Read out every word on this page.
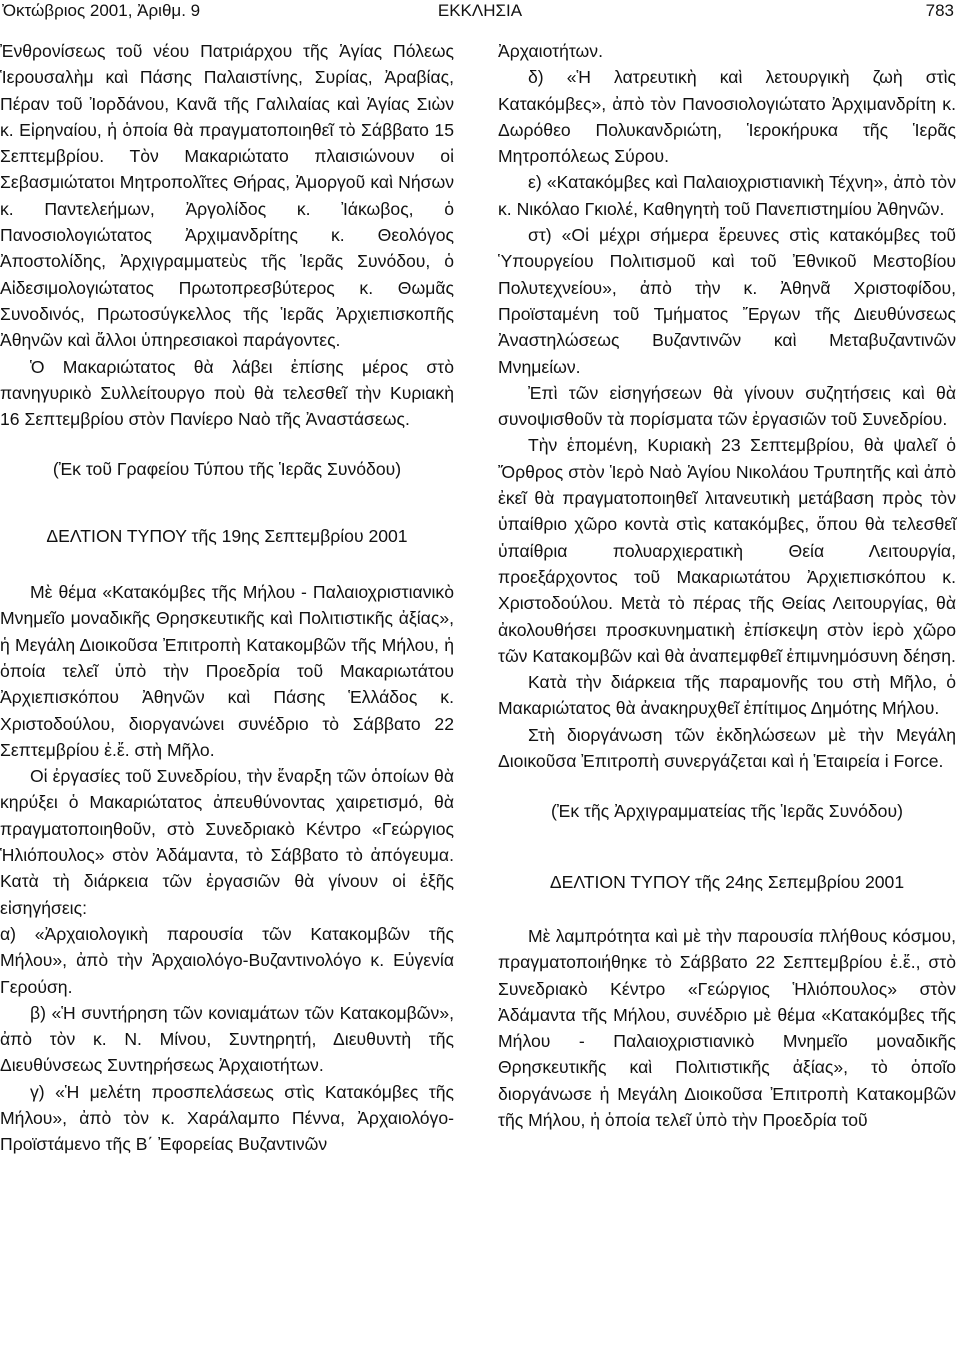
Ὀκτώβριος 2001, Ἀριθμ. 9	ΕΚΚΛΗΣΙΑ	783

Ἐνθρονίσεως τοῦ νέου Πατριάρχου τῆς Ἁγίας Πόλεως Ἱερουσαλὴμ καὶ Πάσης Παλαιστίνης, Συρίας, Ἀραβίας, Πέραν τοῦ Ἰορδάνου, Κανᾶ τῆς Γαλιλαίας καὶ Ἁγίας Σιὼν κ. Εἰρηναίου, ἡ ὁποία θὰ πραγματοποιηθεῖ τὸ Σάββατο 15 Σεπτεμβρίου. Τὸν Μακαριώτατο πλαισιώνουν οἱ Σεβασμιώτατοι Μητροπολῖτες Θήρας, Ἀμοργοῦ καὶ Νήσων κ. Παντελεήμων, Ἀργολίδος κ. Ἰάκωβος, ὁ Πανοσιολογιώτατος Ἀρχιμανδρίτης κ. Θεολόγος Ἀποστολίδης, Ἀρχιγραμματεὺς τῆς Ἱερᾶς Συνόδου, ὁ Αἰδεσιμολογιώτατος Πρωτοπρεσβύτερος κ. Θωμᾶς Συνοδινός, Πρωτοσύγκελλος τῆς Ἱερᾶς Ἀρχιεπισκοπῆς Ἀθηνῶν καὶ ἄλλοι ὑπηρεσιακοὶ παράγοντες.

Ὁ Μακαριώτατος θὰ λάβει ἐπίσης μέρος στὸ πανηγυρικὸ Συλλείτουργο ποὺ θὰ τελεσθεῖ τὴν Κυριακὴ 16 Σεπτεμβρίου στὸν Πανίερο Ναὸ τῆς Ἀναστάσεως.

(Ἐκ τοῦ Γραφείου Τύπου τῆς Ἱερᾶς Συνόδου)

ΔΕΛΤΙΟΝ ΤΥΠΟΥ τῆς 19ης Σεπτεμβρίου 2001

Μὲ θέμα «Κατακόμβες τῆς Μήλου - Παλαιοχριστιανικὸ Μνημεῖο μοναδικῆς Θρησκευτικῆς καὶ Πολιτιστικῆς ἀξίας», ἡ Μεγάλη Διοικοῦσα Ἐπιτροπὴ Κατακομβῶν τῆς Μήλου, ἡ ὁποία τελεῖ ὑπὸ τὴν Προεδρία τοῦ Μακαριωτάτου Ἀρχιεπισκόπου Ἀθηνῶν καὶ Πάσης Ἑλλάδος κ. Χριστοδούλου, διοργανώνει συνέδριο τὸ Σάββατο 22 Σεπτεμβρίου ἐ.ἔ. στὴ Μῆλο.

Οἱ ἐργασίες τοῦ Συνεδρίου, τὴν ἔναρξη τῶν ὁποίων θὰ κηρύξει ὁ Μακαριώτατος ἀπευθύνοντας χαιρετισμό, θὰ πραγματοποιηθοῦν, στὸ Συνεδριακὸ Κέντρο «Γεώργιος Ἡλιόπουλος» στὸν Ἀδάμαντα, τὸ Σάββατο τὸ ἀπόγευμα. Κατὰ τὴ διάρκεια τῶν ἐργασιῶν θὰ γίνουν οἱ ἑξῆς εἰσηγήσεις:

α) «Ἀρχαιολογικὴ παρουσία τῶν Κατακομβῶν τῆς Μήλου», ἀπὸ τὴν Ἀρχαιολόγο-Βυζαντινολόγο κ. Εὐγενία Γερούση.

β) «Ἡ συντήρηση τῶν κονιαμάτων τῶν Κατακομβῶν», ἀπὸ τὸν κ. Ν. Μίνου, Συντηρητή, Διευθυντὴ τῆς Διευθύνσεως Συντηρήσεως Ἀρχαιοτήτων.

γ) «Ἡ μελέτη προσπελάσεως στὶς Κατακόμβες τῆς Μήλου», ἀπὸ τὸν κ. Χαράλαμπο Πέννα, Ἀρχαιολόγο-Προϊστάμενο τῆς Β΄ Ἐφορείας Βυζαντινῶν

Ἀρχαιοτήτων.

δ) «Ἡ λατρευτικὴ καὶ λετουργικὴ ζωὴ στὶς Κατακόμβες», ἀπὸ τὸν Πανοσιολογιώτατο Ἀρχιμανδρίτη κ. Δωρόθεο Πολυκανδριώτη, Ἱεροκήρυκα τῆς Ἱερᾶς Μητροπόλεως Σύρου.

ε) «Κατακόμβες καὶ Παλαιοχριστιανικὴ Τέχνη», ἀπὸ τὸν κ. Νικόλαο Γκιολέ, Καθηγητὴ τοῦ Πανεπιστημίου Ἀθηνῶν.

στ) «Οἱ μέχρι σήμερα ἔρευνες στὶς κατακόμβες τοῦ Ὑπουργείου Πολιτισμοῦ καὶ τοῦ Ἐθνικοῦ Μεστοβίου Πολυτεχνείου», ἀπὸ τὴν κ. Ἀθηνᾶ Χριστοφίδου, Προϊσταμένη τοῦ Τμήματος Ἔργων τῆς Διευθύνσεως Ἀναστηλώσεως Βυζαντινῶν καὶ Μεταβυζαντινῶν Μνημείων.

Ἐπὶ τῶν εἰσηγήσεων θὰ γίνουν συζητήσεις καὶ θὰ συνοψισθοῦν τὰ πορίσματα τῶν ἐργασιῶν τοῦ Συνεδρίου.

Τὴν ἑπομένη, Κυριακὴ 23 Σεπτεμβρίου, θὰ ψαλεῖ ὁ Ὄρθρος στὸν Ἱερὸ Ναὸ Ἁγίου Νικολάου Τρυπητῆς καὶ ἀπὸ ἐκεῖ θὰ πραγματοποιηθεῖ λιτανευτικὴ μετάβαση πρὸς τὸν ὑπαίθριο χῶρο κοντὰ στὶς κατακόμβες, ὅπου θὰ τελεσθεῖ ὑπαίθρια πολυαρχιερατικὴ Θεία Λειτουργία, προεξάρχοντος τοῦ Μακαριωτάτου Ἀρχιεπισκόπου κ. Χριστοδούλου. Μετὰ τὸ πέρας τῆς Θείας Λειτουργίας, θὰ ἀκολουθήσει προσκυνηματικὴ ἐπίσκεψη στὸν ἱερὸ χῶρο τῶν Κατακομβῶν καὶ θὰ ἀναπεμφθεῖ ἐπιμνημόσυνη δέηση.

Κατὰ τὴν διάρκεια τῆς παραμονῆς του στὴ Μῆλο, ὁ Μακαριώτατος θὰ ἀνακηρυχθεῖ ἐπίτιμος Δημότης Μήλου.

Στὴ διοργάνωση τῶν ἐκδηλώσεων μὲ τὴν Μεγάλη Διοικοῦσα Ἐπιτροπὴ συνεργάζεται καὶ ἡ Ἑταιρεία i Force.

(Ἐκ τῆς Ἀρχιγραμματείας τῆς Ἱερᾶς Συνόδου)

ΔΕΛΤΙΟΝ ΤΥΠΟΥ τῆς 24ης Σεπεμβρίου 2001

Μὲ λαμπρότητα καὶ μὲ τὴν παρουσία πλήθους κόσμου, πραγματοποιήθηκε τὸ Σάββατο 22 Σεπτεμβρίου ἐ.ἔ., στὸ Συνεδριακὸ Κέντρο «Γεώργιος Ἡλιόπουλος» στὸν Ἀδάμαντα τῆς Μήλου, συνέδριο μὲ θέμα «Κατακόμβες τῆς Μήλου - Παλαιοχριστιανικὸ Μνημεῖο μοναδικῆς Θρησκευτικῆς καὶ Πολιτιστικῆς ἀξίας», τὸ ὁποῖο διοργάνωσε ἡ Μεγάλη Διοικοῦσα Ἐπιτροπὴ Κατακομβῶν τῆς Μήλου, ἡ ὁποία τελεῖ ὑπὸ τὴν Προεδρία τοῦ
